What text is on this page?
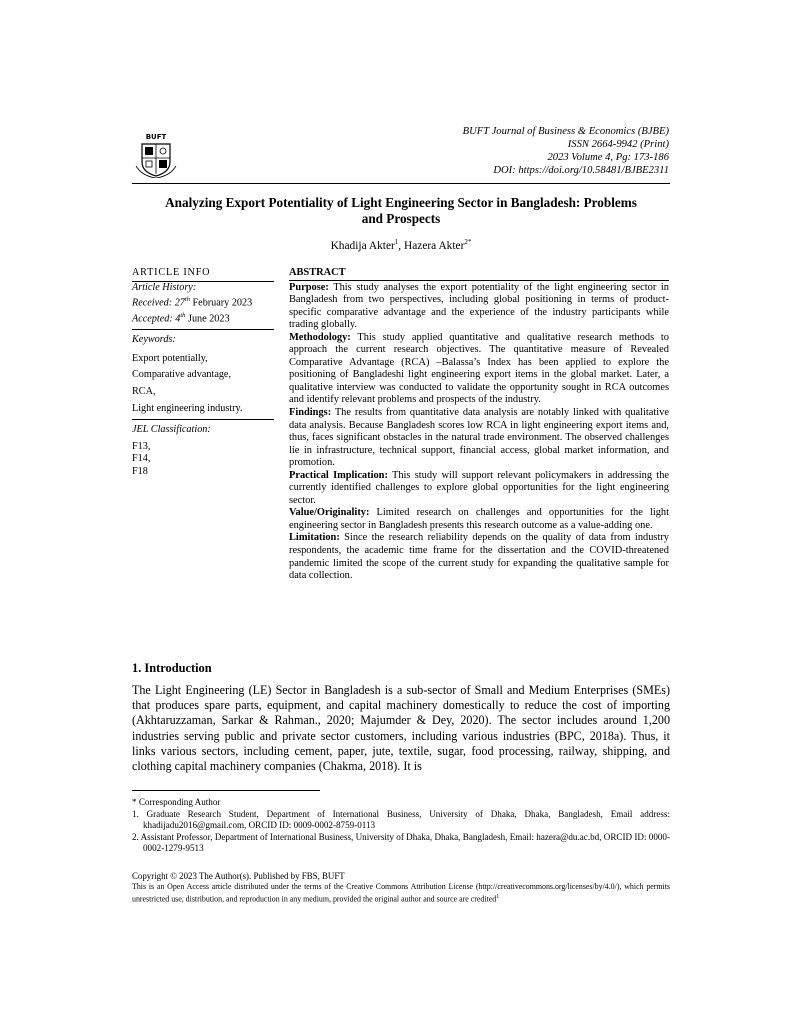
BUFT	BUFT Journal of Business & Economics (BJBE)
ISSN 2664-9942 (Print)
2023 Volume 4, Pg: 173-186
DOI: https://doi.org/10.58481/BJBE2311
Analyzing Export Potentiality of Light Engineering Sector in Bangladesh: Problems
and Prospects
Khadija Akter$^1$, Hazera Akter$^{2*}$
ARTICLE INFO
Article History:
Received: 27th February 2023
Accepted: 4th June 2023
Keywords:
Export potentially,
Comparative advantage,
RCA,
Light engineering industry.
JEL Classification:
F13,
F14,
F18
ABSTRACT

Purpose: This study analyses the export potentiality of the light engineering sector in Bangladesh from two perspectives, including global positioning in terms of product-specific comparative advantage and the experience of the industry participants while trading globally.

Methodology: This study applied quantitative and qualitative research methods to approach the current research objectives. The quantitative measure of Revealed Comparative Advantage (RCA) –Balassa’s Index has been applied to explore the positioning of Bangladeshi light engineering export items in the global market. Later, a qualitative interview was conducted to validate the opportunity sought in RCA outcomes and identify relevant problems and prospects of the industry.

Findings: The results from quantitative data analysis are notably linked with qualitative data analysis. Because Bangladesh scores low RCA in light engineering export items and, thus, faces significant obstacles in the natural trade environment. The observed challenges lie in infrastructure, technical support, financial access, global market information, and promotion.

Practical Implication: This study will support relevant policymakers in addressing the currently identified challenges to explore global opportunities for the light engineering sector.

Value/Originality: Limited research on challenges and opportunities for the light engineering sector in Bangladesh presents this research outcome as a value-adding one.

Limitation: Since the research reliability depends on the quality of data from industry respondents, the academic time frame for the dissertation and the COVID-threatened pandemic limited the scope of the current study for expanding the qualitative sample for data collection.

1. Introduction
The Light Engineering (LE) Sector in Bangladesh is a sub-sector of Small and Medium Enterprises (SMEs) that produces spare parts, equipment, and capital machinery domestically to reduce the cost of importing (Akhtaruzzaman, Sarkar & Rahman., 2020; Majumder & Dey, 2020). The sector includes around 1,200 industries serving public and private sector customers, including various industries (BPC, 2018a). Thus, it links various sectors, including cement, paper, jute, textile, sugar, food processing, railway, shipping, and clothing capital machinery companies (Chakma, 2018). It is
* Corresponding Author
1. Graduate Research Student, Department of International Business, University of Dhaka, Dhaka, Bangladesh, Email address: khadijadu2016@gmail.com, ORCID ID: 0009-0002-8759-0113
2. Assistant Professor, Department of International Business, University of Dhaka, Dhaka, Bangladesh, Email: hazera@du.ac.bd, ORCID ID: 0000-0002-1279-9513
Copyright © 2023 The Author(s). Published by FBS, BUFT
This is an Open Access article distributed under the terms of the Creative Commons Attribution License (http://creativecommons.org/licenses/by/4.0/), which permits unrestricted use, distribution, and reproduction in any medium, provided the original author and source are credited$^1$
